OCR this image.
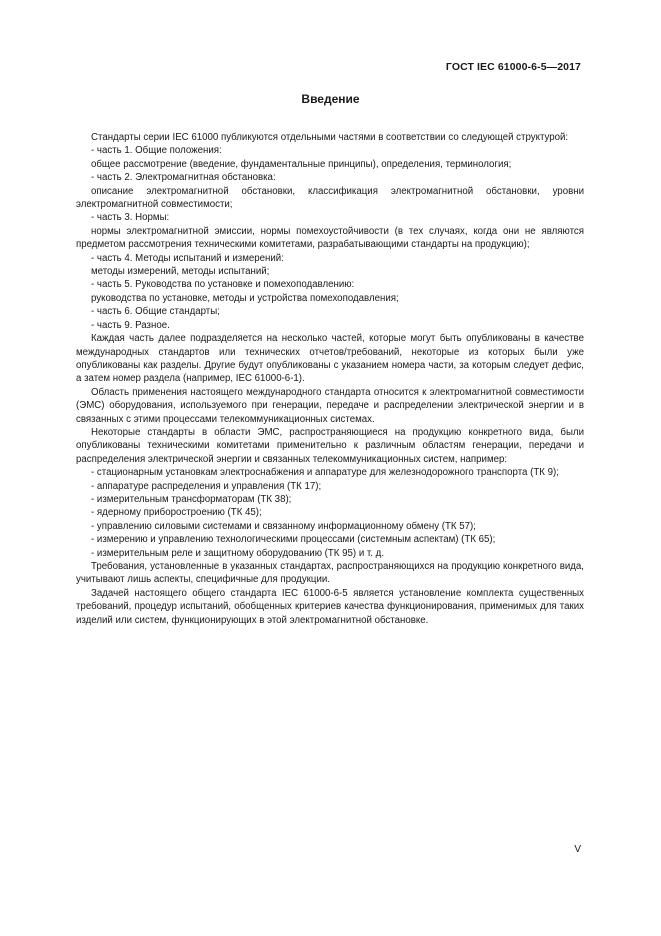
ГОСТ IEC 61000-6-5—2017
Введение

Стандарты серии IEC 61000 публикуются отдельными частями в соответствии со следующей структурой:

- часть 1. Общие положения:

общее рассмотрение (введение, фундаментальные принципы), определения, терминология;

- часть 2. Электромагнитная обстановка:

описание электромагнитной обстановки, классификация электромагнитной обстановки, уровни электромагнитной совместимости;

- часть 3. Нормы:

нормы электромагнитной эмиссии, нормы помехоустойчивости (в тех случаях, когда они не являются предметом рассмотрения техническими комитетами, разрабатывающими стандарты на продукцию);

- часть 4. Методы испытаний и измерений:

методы измерений, методы испытаний;

- часть 5. Руководства по установке и помехоподавлению:

руководства по установке, методы и устройства помехоподавления;

- часть 6. Общие стандарты;

- часть 9. Разное.

Каждая часть далее подразделяется на несколько частей, которые могут быть опубликованы в качестве международных стандартов или технических отчетов/требований, некоторые из которых были уже опубликованы как разделы. Другие будут опубликованы с указанием номера части, за которым следует дефис, а затем номер раздела (например, IEC 61000-6-1).

Область применения настоящего международного стандарта относится к электромагнитной совместимости (ЭМС) оборудования, используемого при генерации, передаче и распределении электрической энергии и в связанных с этими процессами телекоммуникационных системах.

Некоторые стандарты в области ЭМС, распространяющиеся на продукцию конкретного вида, были опубликованы техническими комитетами применительно к различным областям генерации, передачи и распределения электрической энергии и связанных телекоммуникационных систем, например:

- стационарным установкам электроснабжения и аппаратуре для железнодорожного транспорта (ТК 9);

- аппаратуре распределения и управления (ТК 17);

- измерительным трансформаторам (ТК 38);

- ядерному приборостроению (ТК 45);

- управлению силовыми системами и связанному информационному обмену (ТК 57);

- измерению и управлению технологическими процессами (системным аспектам) (ТК 65);

- измерительным реле и защитному оборудованию (ТК 95) и т. д.

Требования, установленные в указанных стандартах, распространяющихся на продукцию конкретного вида, учитывают лишь аспекты, специфичные для продукции.

Задачей настоящего общего стандарта IEC 61000-6-5 является установление комплекта существенных требований, процедур испытаний, обобщенных критериев качества функционирования, применимых для таких изделий или систем, функционирующих в этой электромагнитной обстановке.

V
